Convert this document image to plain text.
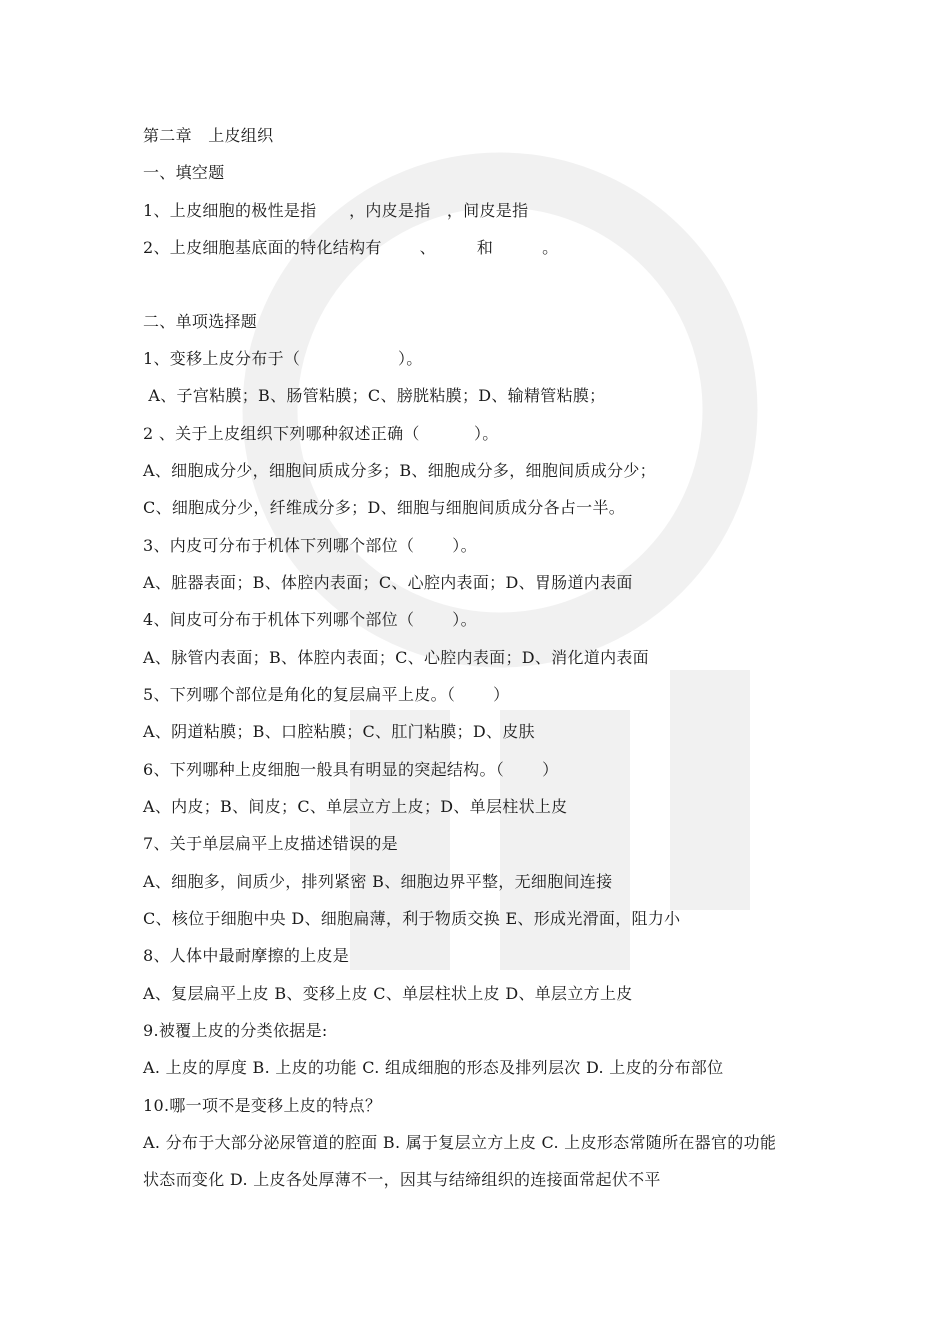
第二章　上皮组织
一、填空题
1、上皮细胞的极性是指　　，内皮是指　，间皮是指
2、上皮细胞基底面的特化结构有　　 、　　　和　　　。
二、单项选择题
1、变移上皮分布于（　　　　　　）。
A、子宫粘膜；B、肠管粘膜；C、膀胱粘膜；D、输精管粘膜；
2 、关于上皮组织下列哪种叙述正确（　　　 ）。
A、细胞成分少，细胞间质成分多；B、细胞成分多，细胞间质成分少；
C、细胞成分少，纤维成分多；D、细胞与细胞间质成分各占一半。
3、内皮可分布于机体下列哪个部位（　　 ）。
A、脏器表面；B、体腔内表面；C、心腔内表面；D、胃肠道内表面
4、间皮可分布于机体下列哪个部位（　　 ）。
A、脉管内表面；B、体腔内表面；C、心腔内表面；D、消化道内表面
5、下列哪个部位是角化的复层扁平上皮。（　　 ）
A、阴道粘膜；B、口腔粘膜；C、肛门粘膜；D、皮肤
6、下列哪种上皮细胞一般具有明显的突起结构。（　　 ）
A、内皮；B、间皮；C、单层立方上皮；D、单层柱状上皮
7、关于单层扁平上皮描述错误的是
A、细胞多，间质少，排列紧密 B、细胞边界平整，无细胞间连接
C、核位于细胞中央 D、细胞扁薄，利于物质交换 E、形成光滑面，阻力小
8、人体中最耐摩擦的上皮是
A、复层扁平上皮 B、变移上皮 C、单层柱状上皮 D、单层立方上皮
9.被覆上皮的分类依据是:
A. 上皮的厚度 B. 上皮的功能 C. 组成细胞的形态及排列层次 D. 上皮的分布部位
10.哪一项不是变移上皮的特点？
A. 分布于大部分泌尿管道的腔面 B. 属于复层立方上皮 C. 上皮形态常随所在器官的功能
状态而变化 D. 上皮各处厚薄不一，因其与结缔组织的连接面常起伏不平
